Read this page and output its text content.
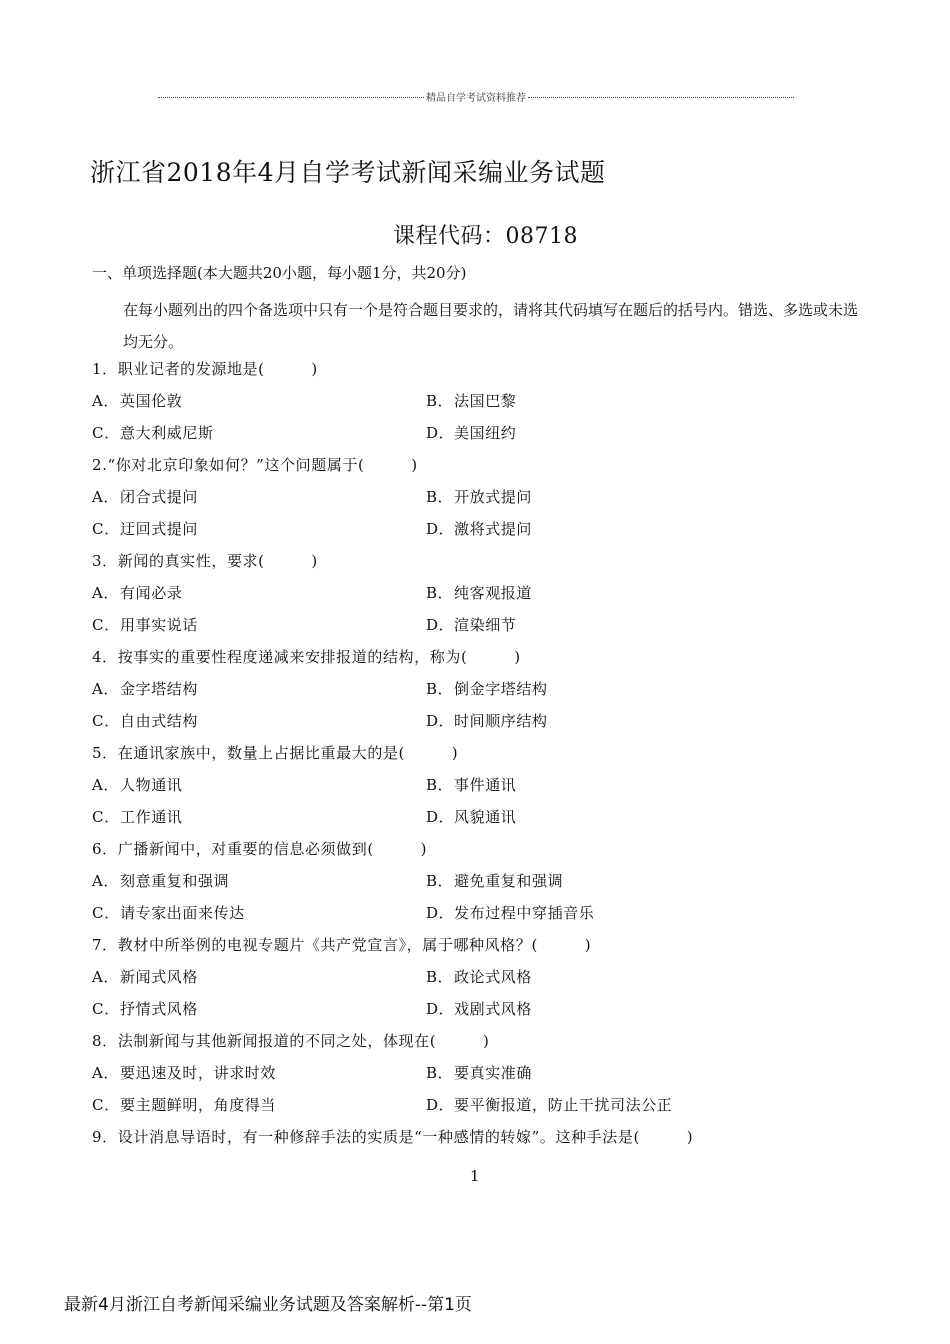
精品自学考试资料推荐
浙江省2018年4月自学考试新闻采编业务试题
课程代码：08718
一、单项选择题(本大题共20小题，每小题1分，共20分)
在每小题列出的四个备选项中只有一个是符合题目要求的，请将其代码填写在题后的括号内。错选、多选或未选均无分。
1．职业记者的发源地是(　　　)
A．英国伦敦	B．法国巴黎
C．意大利威尼斯	D．美国纽约
2.“你对北京印象如何？”这个问题属于(　　　)
A．闭合式提问	B．开放式提问
C．迂回式提问	D．激将式提问
3．新闻的真实性，要求(　　　)
A．有闻必录	B．纯客观报道
C．用事实说话	D．渲染细节
4．按事实的重要性程度递减来安排报道的结构，称为(　　　)
A．金字塔结构	B．倒金字塔结构
C．自由式结构	D．时间顺序结构
5．在通讯家族中，数量上占据比重最大的是(　　　)
A．人物通讯	B．事件通讯
C．工作通讯	D．风貌通讯
6．广播新闻中，对重要的信息必须做到(　　　)
A．刻意重复和强调	B．避免重复和强调
C．请专家出面来传达	D．发布过程中穿插音乐
7．教材中所举例的电视专题片《共产党宣言》，属于哪种风格？(　　　)
A．新闻式风格	B．政论式风格
C．抒情式风格	D．戏剧式风格
8．法制新闻与其他新闻报道的不同之处，体现在(　　　)
A．要迅速及时，讲求时效	B．要真实准确
C．要主题鲜明，角度得当	D．要平衡报道，防止干扰司法公正
9．设计消息导语时，有一种修辞手法的实质是“一种感情的转嫁”。这种手法是(　　　)
1
最新4月浙江自考新闻采编业务试题及答案解析--第1页
